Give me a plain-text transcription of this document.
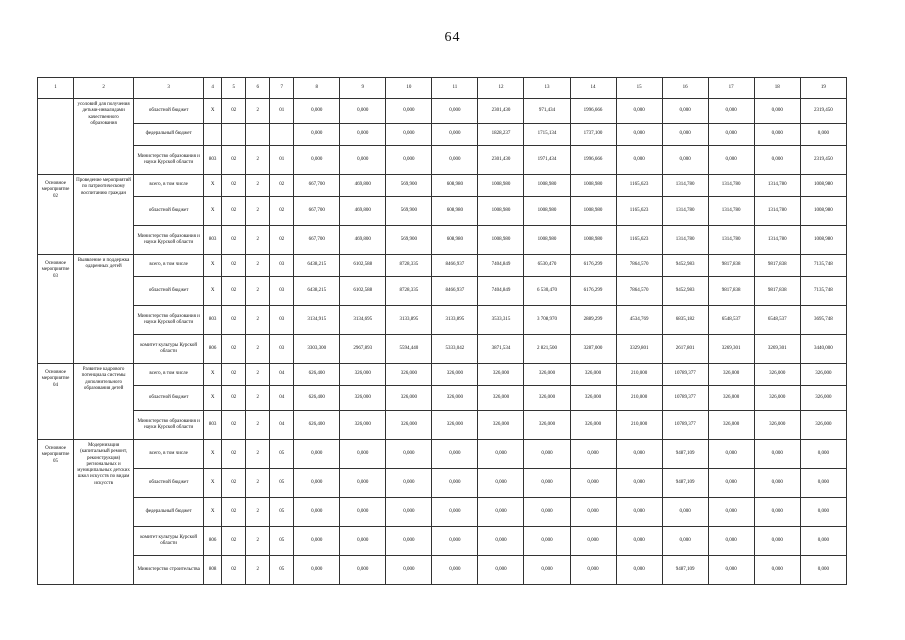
64
1	2	3	4	5	6	7	8	9	10	11	12	13	14	15	16	17	18	19
	усоловий для получения детьми-инвалидами качественного образования	областной бюджет	X	02	2	01	0,000	0,000	0,000	0,000	2301,430	971,434	1996,666	0,000	0,000	0,000	0,000	2319,450
		федеральный бюджет					0,000	0,000	0,000	0,000	1828,237	1715,134	1737,100	0,000	0,000	0,000	0,000	0,000
		Министерство образования и науки Курской области	803	02	2	01	0,000	0,000	0,000	0,000	2301,430	1971,434	1996,666	0,000	0,000	0,000	0,000	2319,450
Основное мероприятие 02	Проведение мероприятий по патриотическому воспитанию граждан	всего, в том числе	X	02	2	02	667,700	469,800	569,900	608,980	1008,980	1008,980	1008,980	1165,623	1314,780	1314,780	1314,780	1008,980
		областной бюджет	X	02	2	02	667,700	469,800	569,900	608,980	1008,980	1008,980	1008,980	1165,623	1314,780	1314,780	1314,780	1008,980
		Министерство образования и науки Курской области	803	02	2	02	667,700	469,800	569,900	608,980	1008,980	1008,980	1008,980	1165,623	1314,780	1314,780	1314,780	1008,980
Основное мероприятие 03	Выявление и поддержка одаренных детей	всего, в том числе	X	02	2	03	6438,215	6102,588	8728,335	8466,937	7404,849	6530,470	6176,299	7864,570	9452,983	9817,838	9817,838	7135,748
		областной бюджет	X	02	2	03	6438,215	6102,588	8728,335	8466,937	7404,849	6 530,470	6176,299	7864,570	9452,983	9817,838	9817,838	7135,748
		Министерство образования и науки Курской области	803	02	2	03	3134,915	3134,695	3133,895	3133,895	3533,315	3 708,970	2889,299	4534,769	6835,182	6548,537	6548,537	3695,748
		комитет культуры Курской области	806	02	2	03	3303,300	2967,893	5594,440	5333,042	3871,534	2 821,500	3287,000	3329,801	2617,801	3269,301	3269,301	3440,000
Основное мероприятие 04	Развитие кадрового потенциала системы дополнительного образования детей	всего, в том числе	X	02	2	04	626,400	326,000	326,000	326,000	326,000	326,000	326,000	210,000	10789,377	326,000	326,000	326,000
		областной бюджет	X	02	2	04	626,400	326,000	326,000	326,000	326,000	326,000	326,000	210,000	10789,377	326,000	326,000	326,000
		Министерство образования и науки Курской области	803	02	2	04	626,400	326,000	326,000	326,000	326,000	326,000	326,000	210,000	10789,377	326,000	326,000	326,000
Основное мероприятие 05	Модернизация (капитальный ремонт, реконструкция) региональных и муниципальных детских школ искусств по видам искусств	всего, в том числе	X	02	2	05	0,000	0,000	0,000	0,000	0,000	0,000	0,000	0,000	9487,109	0,000	0,000	0,000
		областной бюджет	X	02	2	05	0,000	0,000	0,000	0,000	0,000	0,000	0,000	0,000	9487,109	0,000	0,000	0,000
		федеральный бюджет	X	02	2	05	0,000	0,000	0,000	0,000	0,000	0,000	0,000	0,000	0,000	0,000	0,000	0,000
		комитет культуры Курской области	806	02	2	05	0,000	0,000	0,000	0,000	0,000	0,000	0,000	0,000	0,000	0,000	0,000	0,000
		Министерство строительства	808	02	2	05	0,000	0,000	0,000	0,000	0,000	0,000	0,000	0,000	9487,109	0,000	0,000	0,000
